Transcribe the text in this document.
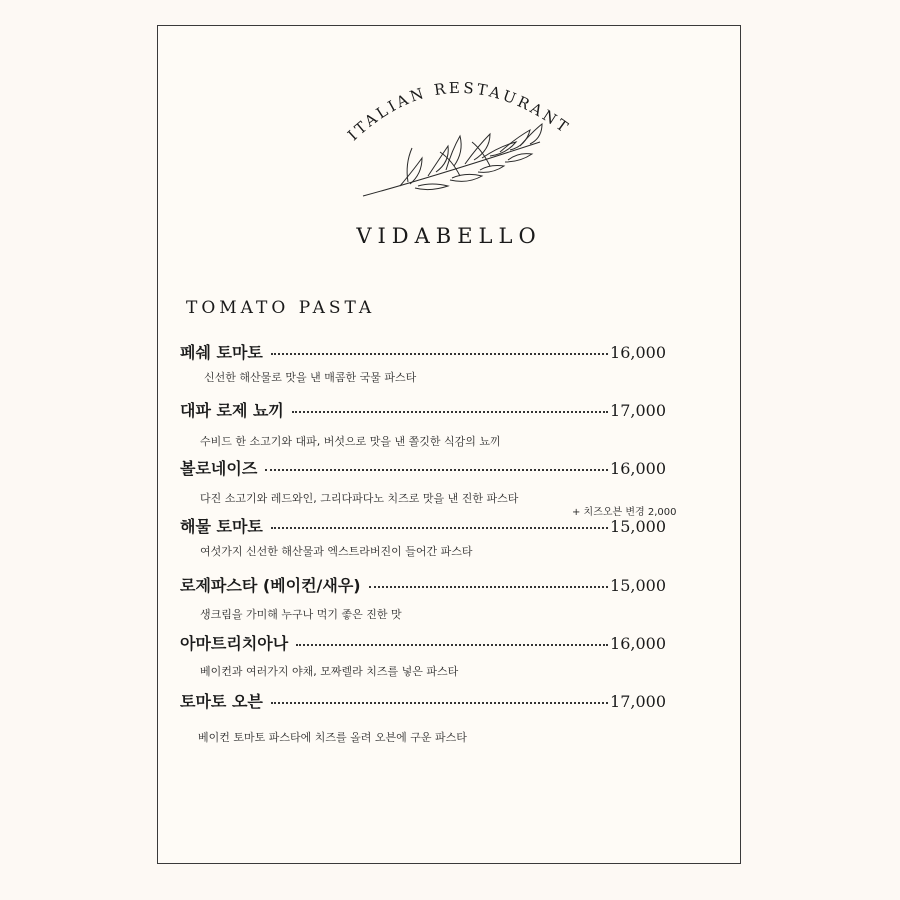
ITALIAN RESTAURANT
VIDABELLO
TOMATO PASTA
페쉐 토마토	16,000
신선한 해산물로 맛을 낸 매콤한 국물 파스타
대파 로제 뇨끼	17,000
수비드 한 소고기와 대파, 버섯으로 맛을 낸 쫄깃한 식감의 뇨끼
볼로네이즈	16,000
다진 소고기와 레드와인, 그리다파다노 치즈로 맛을 낸 진한 파스타
+ 치즈오븐 변경 2,000
해물 토마토	15,000
여섯가지 신선한 해산물과 엑스트라버진이 들어간 파스타
로제파스타 (베이컨/새우)	15,000
생크림을 가미해 누구나 먹기 좋은 진한 맛
아마트리치아나	16,000
베이컨과 여러가지 야채, 모짜렐라 치즈를 넣은 파스타
토마토 오븐	17,000
베이컨 토마토 파스타에 치즈를 올려 오븐에 구운 파스타
